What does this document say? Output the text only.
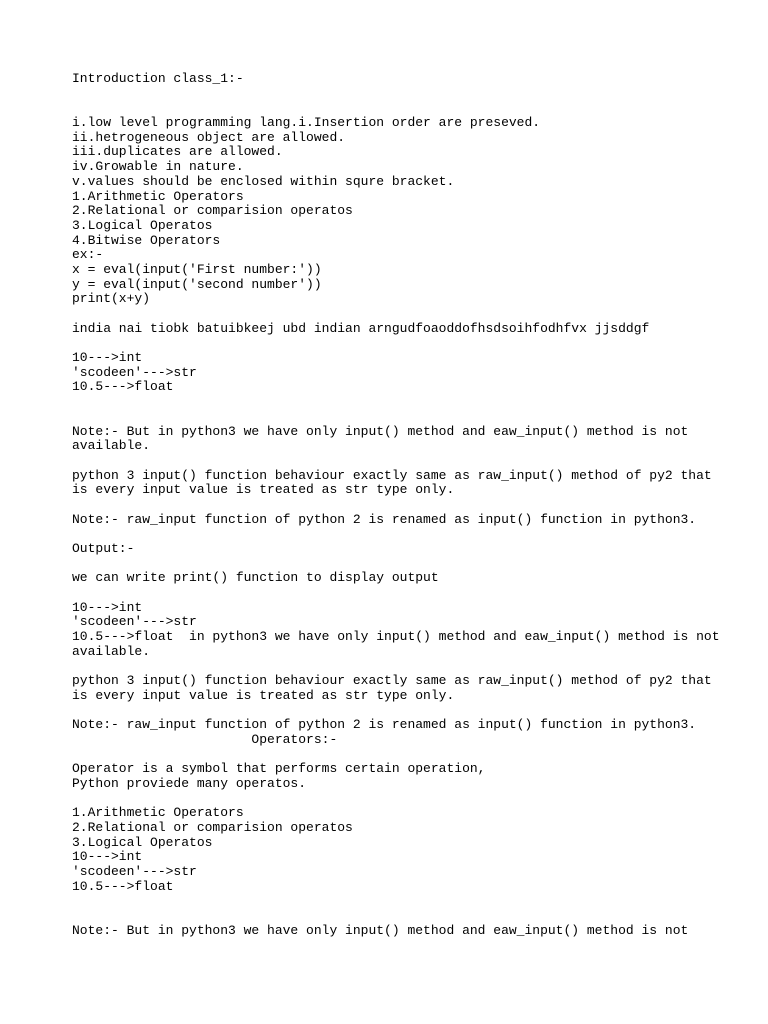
Introduction class_1:-
i.low level programming lang.i.Insertion order are preseved.
ii.hetrogeneous object are allowed.
iii.duplicates are allowed.
iv.Growable in nature.
v.values should be enclosed within squre bracket.
1.Arithmetic Operators
2.Relational or comparision operatos
3.Logical Operatos
4.Bitwise Operators
ex:-
x = eval(input('First number:'))
y = eval(input('second number'))
print(x+y)
india nai tiobk batuibkeej ubd indian arngudfoaoddofhsdsoihfodhfvx jjsddgf
10--->int
'scodeen'--->str
10.5--->float
Note:- But in python3 we have only input() method and eaw_input() method is not
available.
python 3 input() function behaviour exactly same as raw_input() method of py2 that
is every input value is treated as str type only.
Note:- raw_input function of python 2 is renamed as input() function in python3.
Output:-
we can write print() function to display output
10--->int
'scodeen'--->str
10.5--->float  in python3 we have only input() method and eaw_input() method is not
available.
python 3 input() function behaviour exactly same as raw_input() method of py2 that
is every input value is treated as str type only.
Note:- raw_input function of python 2 is renamed as input() function in python3.
Operators:-
Operator is a symbol that performs certain operation,
Python proviede many operatos.
1.Arithmetic Operators
2.Relational or comparision operatos
3.Logical Operatos
10--->int
'scodeen'--->str
10.5--->float
Note:- But in python3 we have only input() method and eaw_input() method is not
